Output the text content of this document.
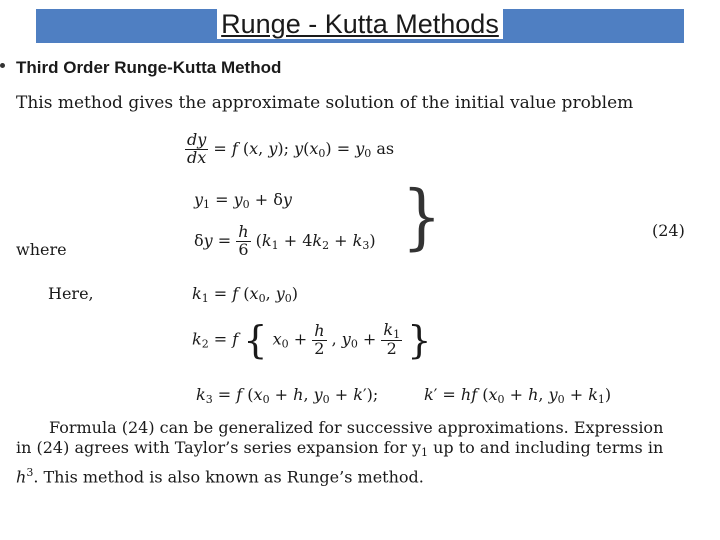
Runge - Kutta Methods
Third Order Runge-Kutta Method
This method gives the approximate solution of the initial value problem
$\frac{dy}{dx} = f$ (x, y); $y(x_0) = y_0$ as
$y_1 = y_0 + \delta y$
where	$\delta y = \frac{h}{6} (k_1 + 4k_2 + k_3)$ }	(24)
Here,	$k_1 = f$ ($x_0$, $y_0$)
$k_2 = f$ { $x_0 + \frac{h}{2}$ , $y_0 + \frac{k_1}{2}$ }
$k_3 = f$ ($x_0 + h$, $y_0 + k'$);	k′ = hf ($x_0 + h$, $y_0 + k_1$)
Formula (24) can be generalized for successive approximations. Expression
in (24) agrees with Taylor’s series expansion for $y_1$ up to and including terms in
$h^3$. This method is also known as Runge’s method.
